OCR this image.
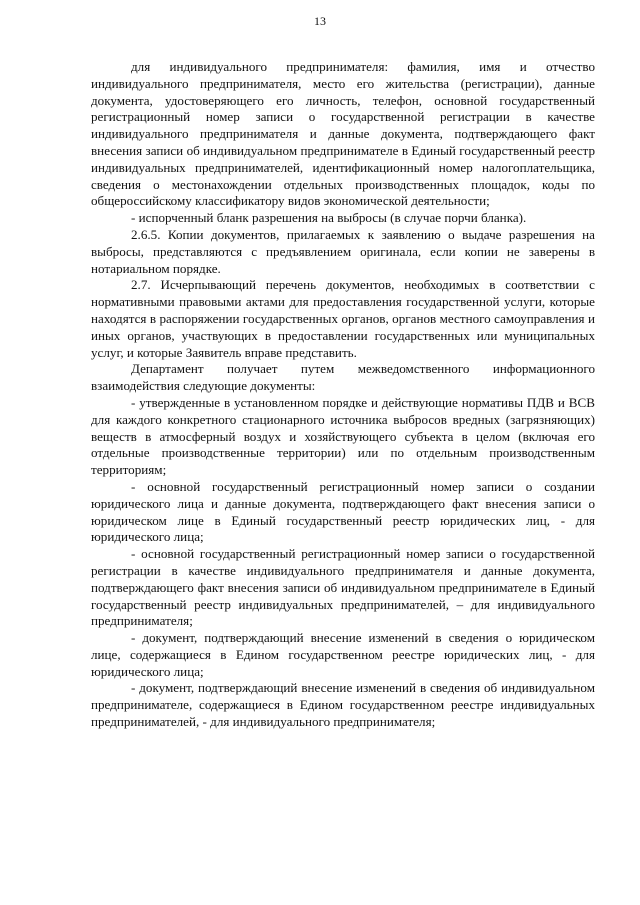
13

для индивидуального предпринимателя: фамилия, имя и отчество индивидуального предпринимателя, место его жительства (регистрации), данные документа, удостоверяющего его личность, телефон, основной государственный регистрационный номер записи о государственной регистрации в качестве индивидуального предпринимателя и данные документа, подтверждающего факт внесения записи об индивидуальном предпринимателе в Единый государственный реестр индивидуальных предпринимателей, идентификационный номер налогоплательщика, сведения о местонахождении отдельных производственных площадок, коды по общероссийскому классификатору видов экономической деятельности;

- испорченный бланк разрешения на выбросы (в случае порчи бланка).

2.6.5. Копии документов, прилагаемых к заявлению о выдаче разрешения на выбросы, представляются с предъявлением оригинала, если копии не заверены в нотариальном порядке.

2.7. Исчерпывающий перечень документов, необходимых в соответствии с нормативными правовыми актами для предоставления государственной услуги, которые находятся в распоряжении государственных органов, органов местного самоуправления и иных органов, участвующих в предоставлении государственных или муниципальных услуг, и которые Заявитель вправе представить.

Департамент получает путем межведомственного информационного взаимодействия следующие документы:

- утвержденные в установленном порядке и действующие нормативы ПДВ и ВСВ для каждого конкретного стационарного источника выбросов вредных (загрязняющих) веществ в атмосферный воздух и хозяйствующего субъекта в целом (включая его отдельные производственные территории) или по отдельным производственным территориям;

- основной государственный регистрационный номер записи о создании юридического лица и данные документа, подтверждающего факт внесения записи о юридическом лице в Единый государственный реестр юридических лиц, - для юридического лица;

- основной государственный регистрационный номер записи о государственной регистрации в качестве индивидуального предпринимателя и данные документа, подтверждающего факт внесения записи об индивидуальном предпринимателе в Единый государственный реестр индивидуальных предпринимателей, – для индивидуального предпринимателя;

- документ, подтверждающий внесение изменений в сведения о юридическом лице, содержащиеся в Едином государственном реестре юридических лиц, - для юридического лица;

- документ, подтверждающий внесение изменений в сведения об индивидуальном предпринимателе, содержащиеся в Едином государственном реестре индивидуальных предпринимателей, - для индивидуального предпринимателя;
